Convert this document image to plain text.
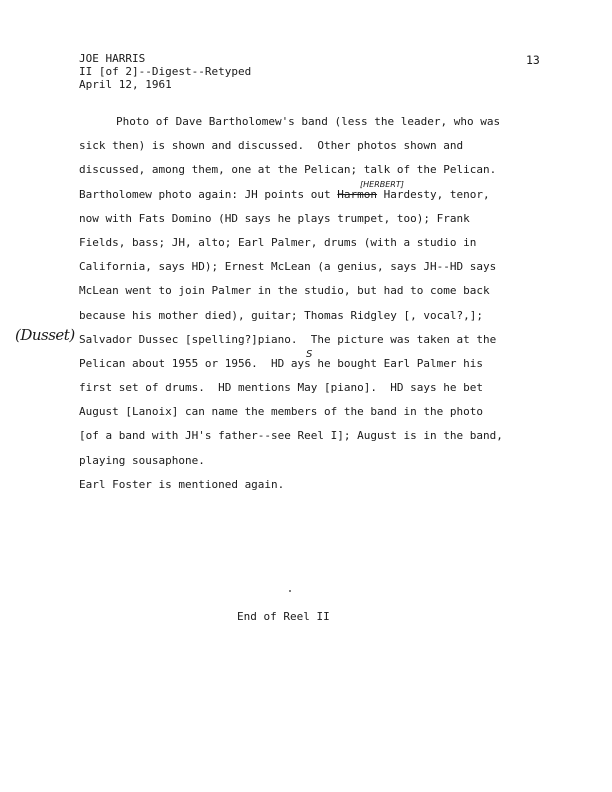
JOE HARRIS
II [of 2]--Digest--Retyped
April 12, 1961
13
(Dusset)
[HERBERT]
S
Photo of Dave Bartholomew's band (less the leader, who was
sick then) is shown and discussed.  Other photos shown and
discussed, among them, one at the Pelican; talk of the Pelican.
Bartholomew photo again: JH points out Harmon Hardesty, tenor,
now with Fats Domino (HD says he plays trumpet, too); Frank
Fields, bass; JH, alto; Earl Palmer, drums (with a studio in
California, says HD); Ernest McLean (a genius, says JH--HD says
McLean went to join Palmer in the studio, but had to come back
because his mother died), guitar; Thomas Ridgley [, vocal?,];
Salvador Dussec [spelling?]piano.  The picture was taken at the
Pelican about 1955 or 1956.  HD ays he bought Earl Palmer his
first set of drums.  HD mentions May [piano].  HD says he bet
August [Lanoix] can name the members of the band in the photo
[of a band with JH's father--see Reel I]; August is in the band,
playing sousaphone.
Earl Foster is mentioned again.
End of Reel II
